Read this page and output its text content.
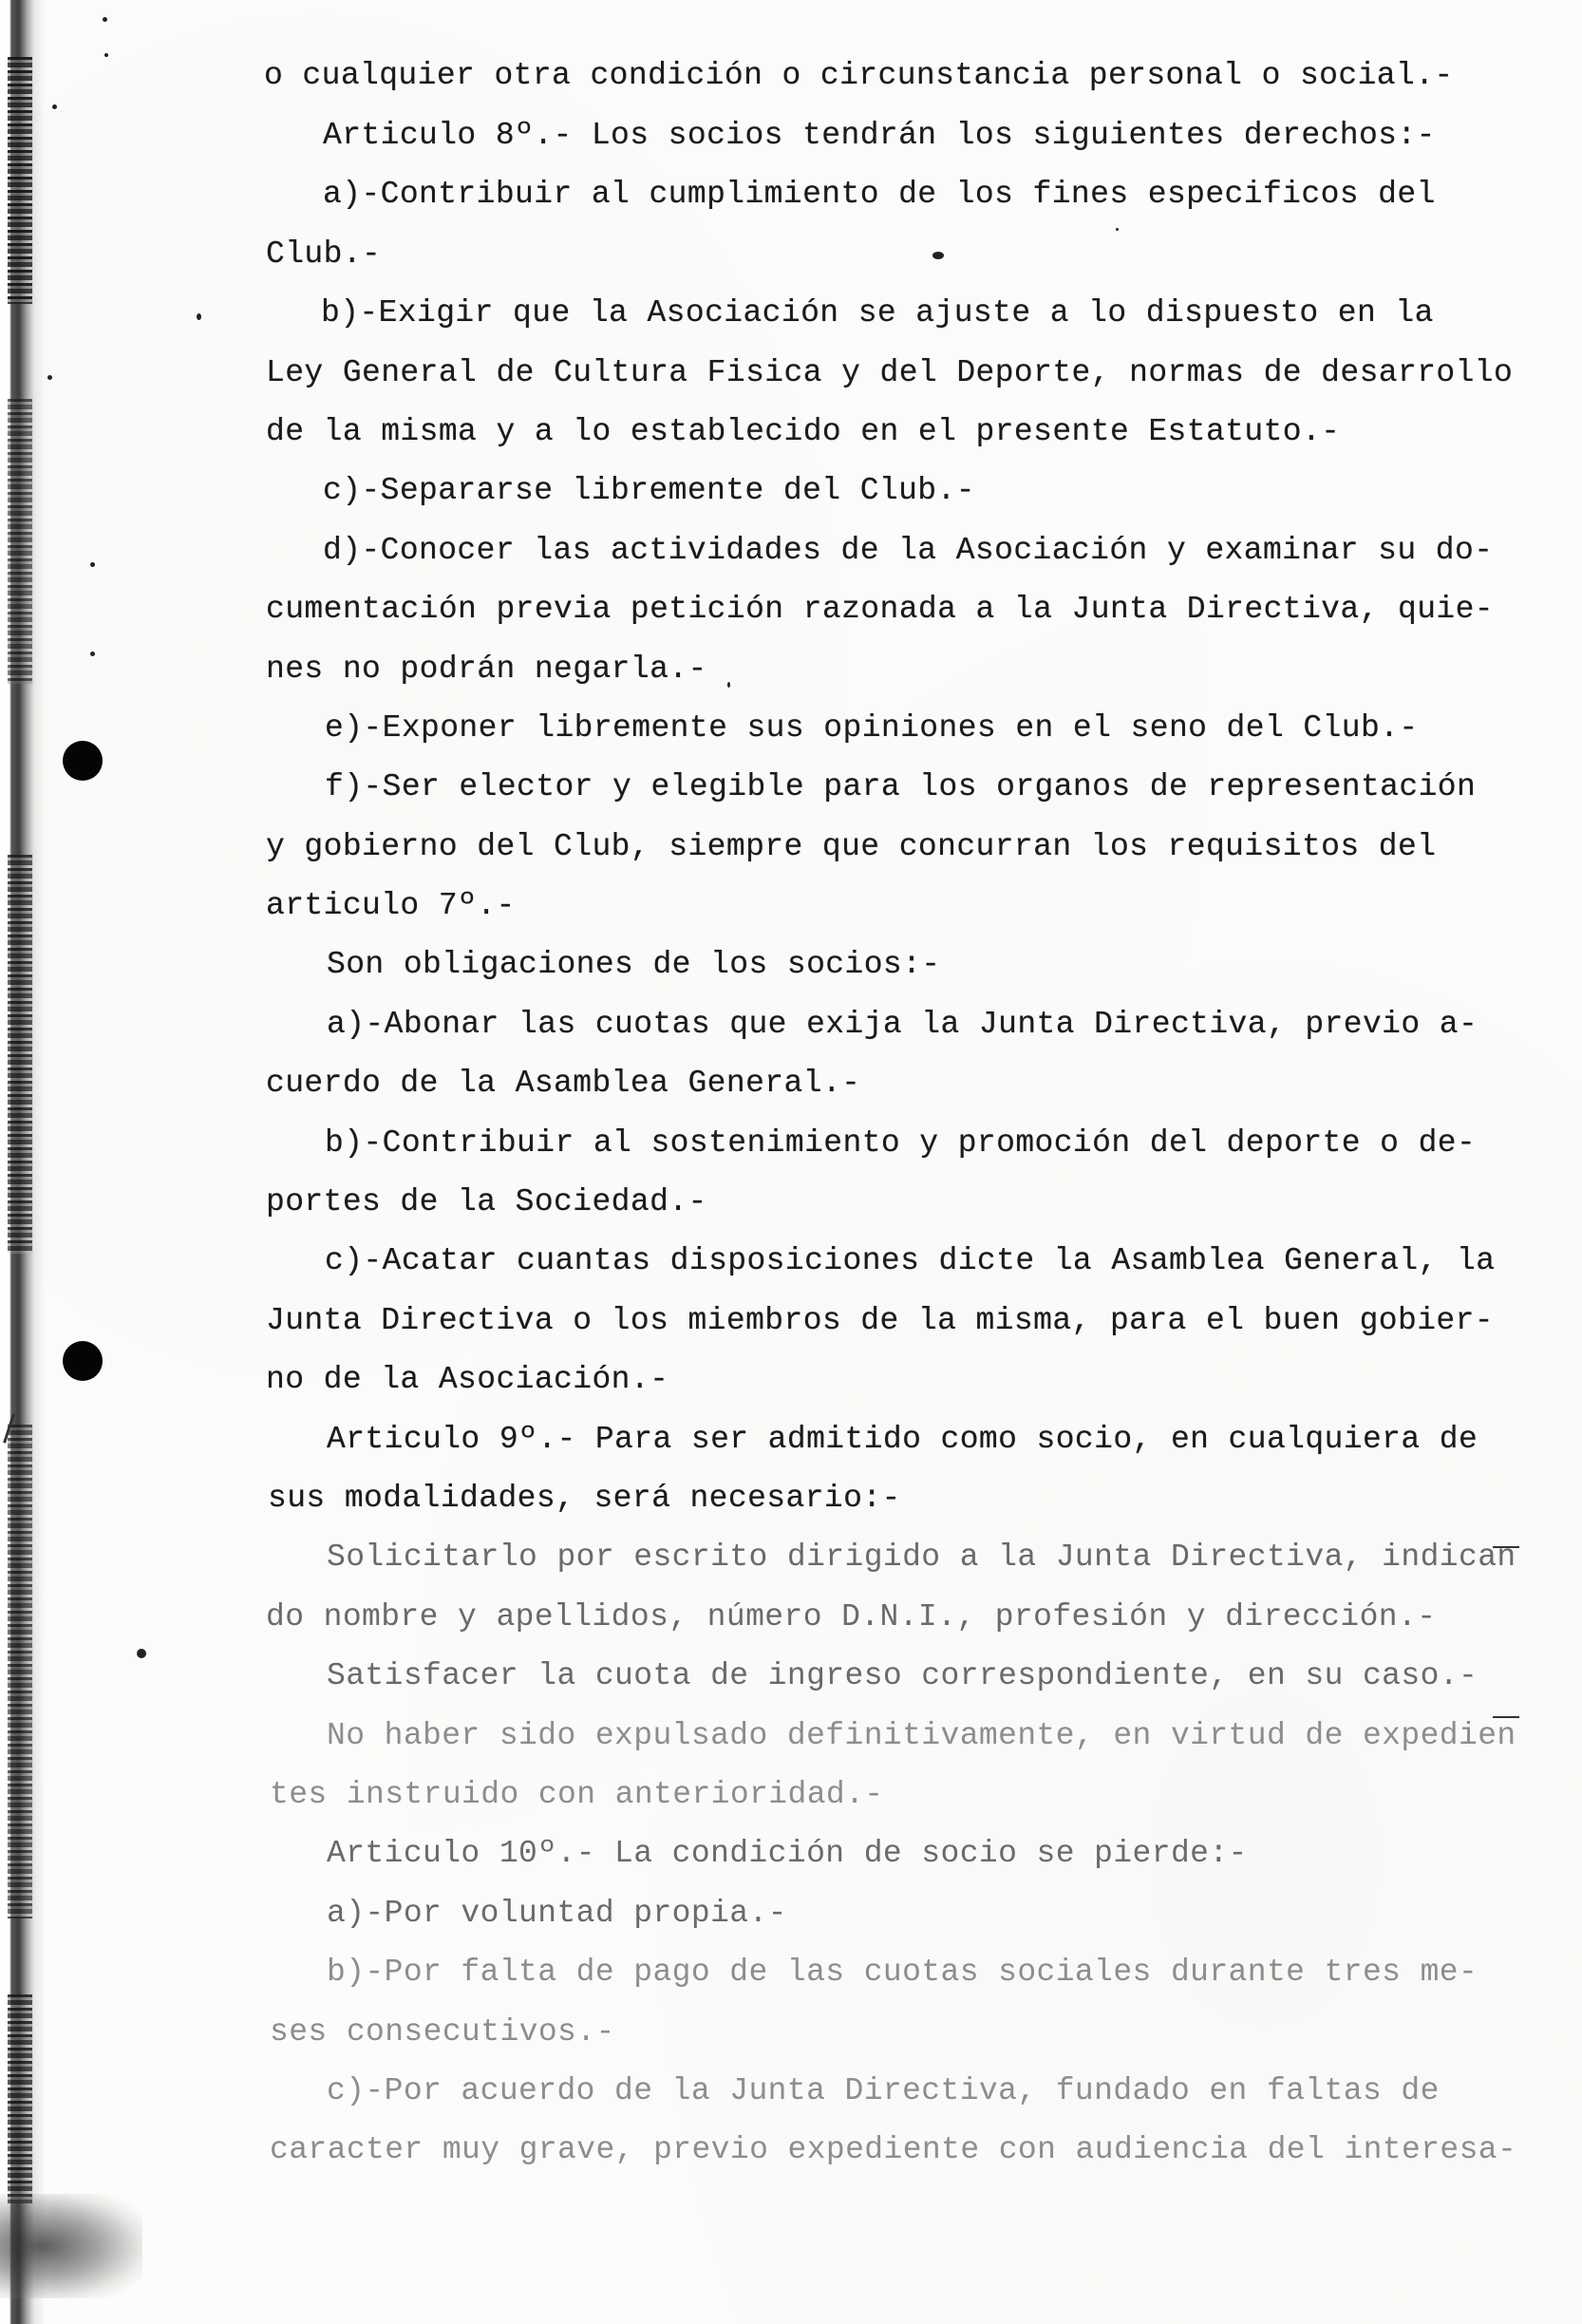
o cualquier otra condición o circunstancia personal o social.-
Articulo 8º.- Los socios tendrán los siguientes derechos:-
a)-Contribuir al cumplimiento de los fines especificos del
Club.-
b)-Exigir que la Asociación se ajuste a lo dispuesto en la
Ley General de Cultura Fisica y del Deporte, normas de desarrollo
de la misma y a lo establecido en el presente Estatuto.-
c)-Separarse libremente del Club.-
d)-Conocer las actividades de la Asociación y examinar su do-
cumentación previa petición razonada a la Junta Directiva, quie-
nes no podrán negarla.-
e)-Exponer libremente sus opiniones en el seno del Club.-
f)-Ser elector y elegible para los organos de representación
y gobierno del Club, siempre que concurran los requisitos del
articulo 7º.-
Son obligaciones de los socios:-
a)-Abonar las cuotas que exija la Junta Directiva, previo a-
cuerdo de la Asamblea General.-
b)-Contribuir al sostenimiento y promoción del deporte o de-
portes de la Sociedad.-
c)-Acatar cuantas disposiciones dicte la Asamblea General, la
Junta Directiva o los miembros de la misma, para el buen gobier-
no de la Asociación.-
Articulo 9º.- Para ser admitido como socio, en cualquiera de
sus modalidades, será necesario:-
Solicitarlo por escrito dirigido a la Junta Directiva, indican
do nombre y apellidos, número D.N.I., profesión y dirección.-
Satisfacer la cuota de ingreso correspondiente, en su caso.-
No haber sido expulsado definitivamente, en virtud de expedien
tes instruido con anterioridad.-
Articulo 10º.- La condición de socio se pierde:-
a)-Por voluntad propia.-
b)-Por falta de pago de las cuotas sociales durante tres me-
ses consecutivos.-
c)-Por acuerdo de la Junta Directiva, fundado en faltas de
caracter muy grave, previo expediente con audiencia del interesa-
